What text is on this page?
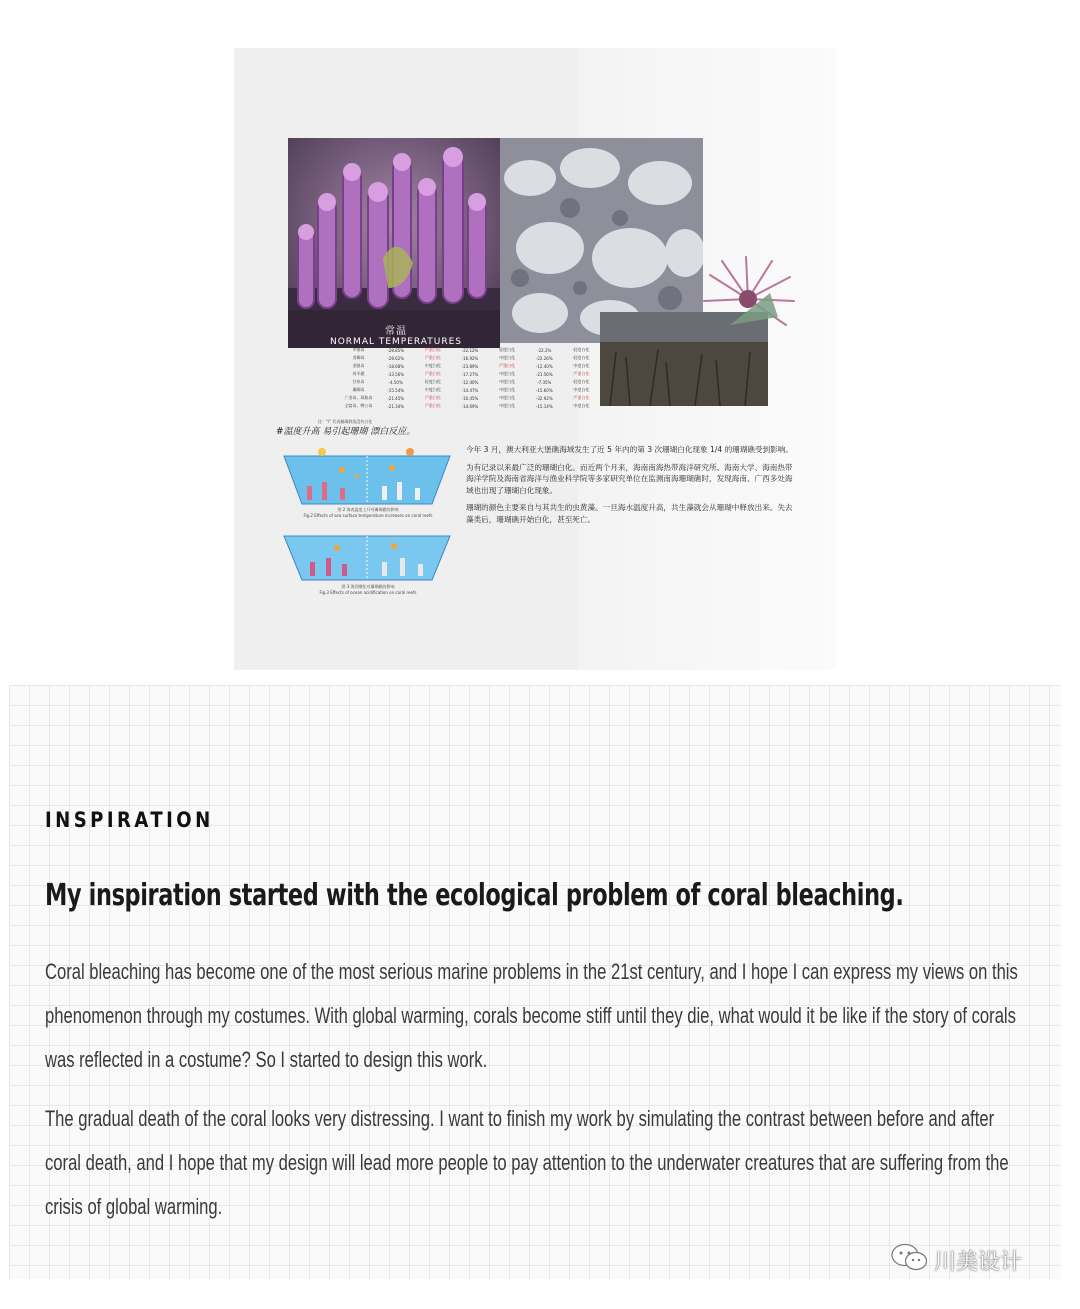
常温
NORMAL TEMPERATURES
中建岛	-28.85%	严重白化	-22.12%	轻度白化	-22.2%	轻度白化
晋卿岛	-28.62%	严重白化	-16.92%	中度白化	-22.26%	轻度白化
金银岛	-18.68%	中度白化	-23.89%	严重白化	-12.40%	中度白化
羚羊礁	-33.56%	严重白化	-17.27%	中度白化	-21.56%	严重白化
甘泉岛	-4.50%	轻度白化	-12.40%	中度白化	-7.35%	轻度白化
珊瑚岛	-15.54%	中度白化	-14.47%	中度白化	-15.60%	中度白化
广金岛、琛航岛	-21.45%	严重白化	-10.45%	中度白化	-32.92%	严重白化
全富岛、鸭公岛	-21.34%	严重白化	-14.69%	中度白化	-15.14%	中度白化
注："/" 代表珊瑚群落没有白化
#温度升高 易引起珊瑚 漂白反应。
图 2 海表温度上升对珊瑚礁的影响
Fig.2 Effects of sea surface temperature increases on coral reefs
图 3 海洋酸化对珊瑚礁的影响
Fig.3 Effects of ocean acidification on coral reefs

今年 3 月，澳大利亚大堡礁海域发生了近 5 年内的第 3 次珊瑚白化现象 1/4 的珊瑚礁受到影响。

为有记录以来最广泛的珊瑚白化。而近两个月来，海南南海热带海洋研究所、海南大学、海南热带海洋学院及海南省海洋与渔业科学院等多家研究单位在监测南海珊瑚礁时，发现海南、广西多处海域也出现了珊瑚白化现象。

珊瑚的颜色主要来自与其共生的虫黄藻。一旦海水温度升高，共生藻就会从珊瑚中释放出来。失去藻类后，珊瑚礁开始白化，甚至死亡。

INSPIRATION
My inspiration started with the ecological problem of coral bleaching.

Coral bleaching has become one of the most serious marine problems in the 21st century, and I hope I can express my views on this phenomenon through my costumes. With global warming, corals become stiff until they die, what would it be like if the story of corals was reflected in a costume? So I started to design this work.

The gradual death of the coral looks very distressing. I want to finish my work by simulating the contrast between before and after coral death, and I hope that my design will lead more people to pay attention to the underwater creatures that are suffering from the crisis of global warming.

川美设计
